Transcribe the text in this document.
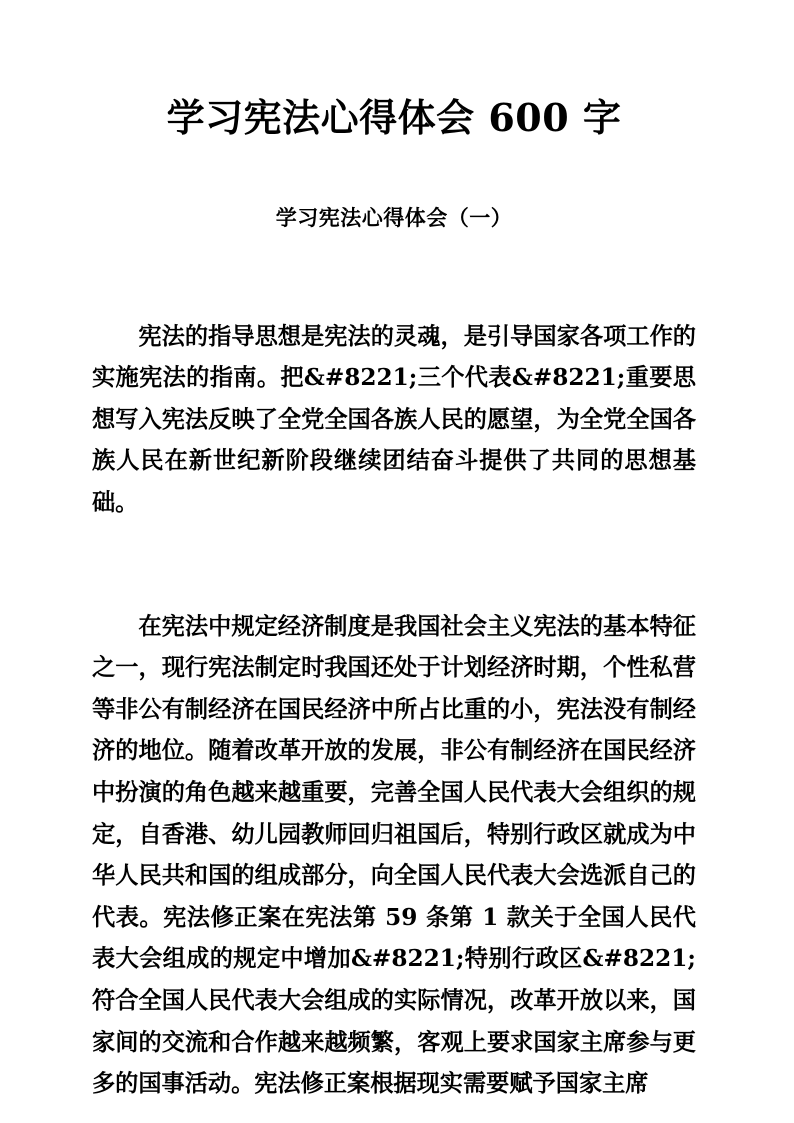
学习宪法心得体会 600 字
学习宪法心得体会（一）

宪法的指导思想是宪法的灵魂，是引导国家各项工作的实施宪法的指南。把&#8221;三个代表&#8221;重要思想写入宪法反映了全党全国各族人民的愿望，为全党全国各族人民在新世纪新阶段继续团结奋斗提供了共同的思想基础。

在宪法中规定经济制度是我国社会主义宪法的基本特征之一，现行宪法制定时我国还处于计划经济时期，个性私营等非公有制经济在国民经济中所占比重的小，宪法没有制经济的地位。随着改革开放的发展，非公有制经济在国民经济中扮演的角色越来越重要，完善全国人民代表大会组织的规定，自香港、幼儿园教师回归祖国后，特别行政区就成为中华人民共和国的组成部分，向全国人民代表大会选派自己的代表。宪法修正案在宪法第 59 条第 1 款关于全国人民代表大会组成的规定中增加&#8221;特别行政区&#8221;符合全国人民代表大会组成的实际情况，改革开放以来，国家间的交流和合作越来越频繁，客观上要求国家主席参与更多的国事活动。宪法修正案根据现实需要赋予国家主席
